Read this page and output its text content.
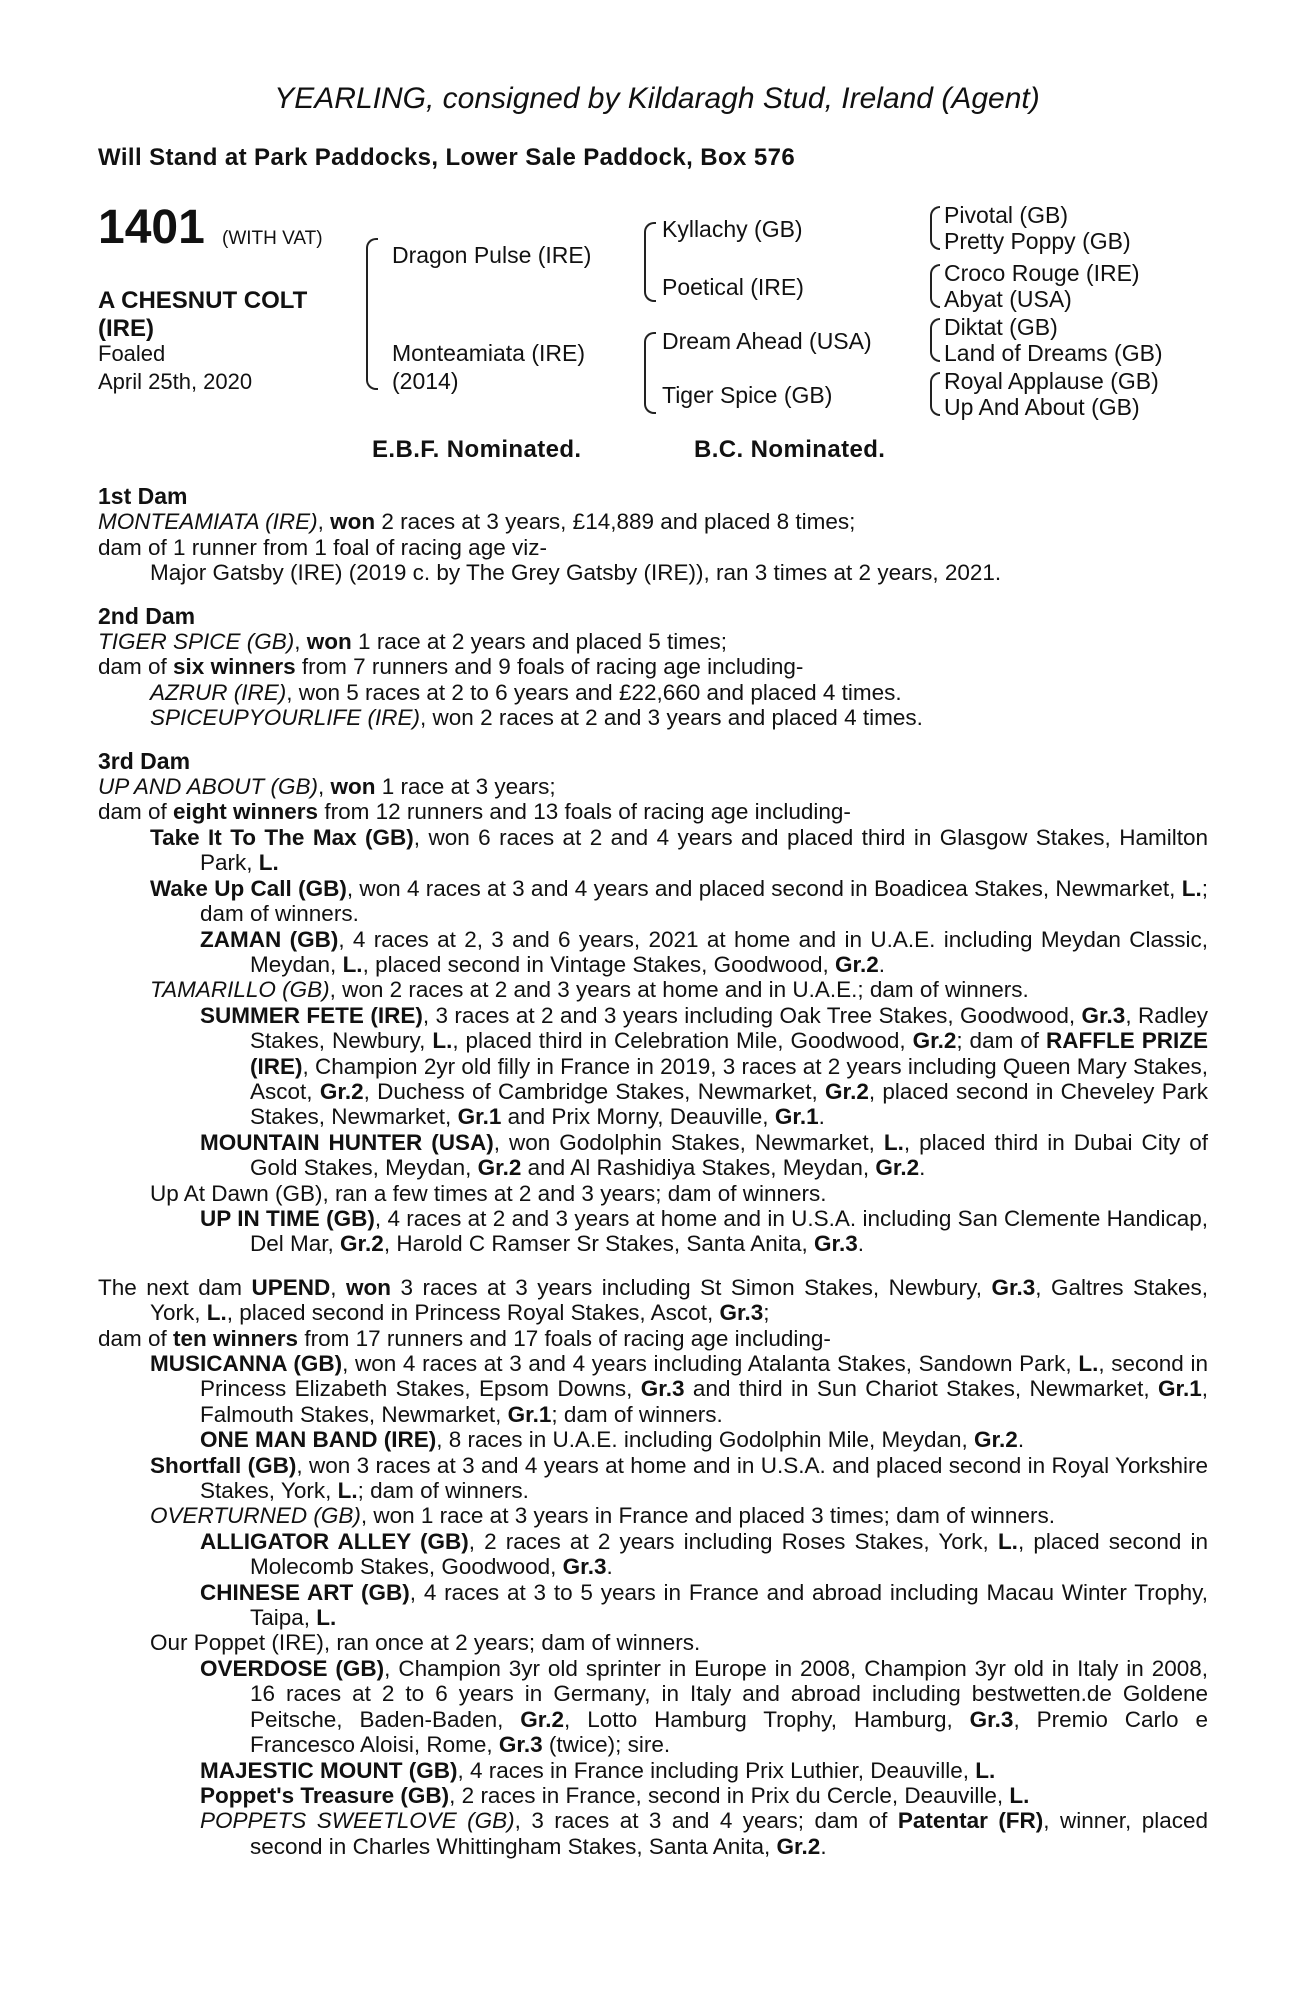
YEARLING, consigned by Kildaragh Stud, Ireland (Agent)
Will Stand at Park Paddocks, Lower Sale Paddock, Box 576
1401 (WITH VAT)
A CHESNUT COLT
(IRE)
Foaled
April 25th, 2020
Dragon Pulse (IRE)
Monteamiata (IRE)
(2014)
Kyllachy (GB)
Poetical (IRE)
Dream Ahead (USA)
Tiger Spice (GB)
Pivotal (GB)
Pretty Poppy (GB)
Croco Rouge (IRE)
Abyat (USA)
Diktat (GB)
Land of Dreams (GB)
Royal Applause (GB)
Up And About (GB)
E.B.F. Nominated.	B.C. Nominated.
1st Dam
MONTEAMIATA (IRE), won 2 races at 3 years, £14,889 and placed 8 times;
dam of 1 runner from 1 foal of racing age viz-
Major Gatsby (IRE) (2019 c. by The Grey Gatsby (IRE)), ran 3 times at 2 years, 2021.
2nd Dam
TIGER SPICE (GB), won 1 race at 2 years and placed 5 times;
dam of six winners from 7 runners and 9 foals of racing age including-
AZRUR (IRE), won 5 races at 2 to 6 years and £22,660 and placed 4 times.
SPICEUPYOURLIFE (IRE), won 2 races at 2 and 3 years and placed 4 times.
3rd Dam
UP AND ABOUT (GB), won 1 race at 3 years;
dam of eight winners from 12 runners and 13 foals of racing age including-
Take It To The Max (GB), won 6 races at 2 and 4 years and placed third in Glasgow Stakes, Hamilton Park, L.
Wake Up Call (GB), won 4 races at 3 and 4 years and placed second in Boadicea Stakes, Newmarket, L.; dam of winners.
ZAMAN (GB), 4 races at 2, 3 and 6 years, 2021 at home and in U.A.E. including Meydan Classic, Meydan, L., placed second in Vintage Stakes, Goodwood, Gr.2.
TAMARILLO (GB), won 2 races at 2 and 3 years at home and in U.A.E.; dam of winners.
SUMMER FETE (IRE), 3 races at 2 and 3 years including Oak Tree Stakes, Goodwood, Gr.3, Radley Stakes, Newbury, L., placed third in Celebration Mile, Goodwood, Gr.2; dam of RAFFLE PRIZE (IRE), Champion 2yr old filly in France in 2019, 3 races at 2 years including Queen Mary Stakes, Ascot, Gr.2, Duchess of Cambridge Stakes, Newmarket, Gr.2, placed second in Cheveley Park Stakes, Newmarket, Gr.1 and Prix Morny, Deauville, Gr.1.
MOUNTAIN HUNTER (USA), won Godolphin Stakes, Newmarket, L., placed third in Dubai City of Gold Stakes, Meydan, Gr.2 and Al Rashidiya Stakes, Meydan, Gr.2.
Up At Dawn (GB), ran a few times at 2 and 3 years; dam of winners.
UP IN TIME (GB), 4 races at 2 and 3 years at home and in U.S.A. including San Clemente Handicap, Del Mar, Gr.2, Harold C Ramser Sr Stakes, Santa Anita, Gr.3.
The next dam UPEND, won 3 races at 3 years including St Simon Stakes, Newbury, Gr.3, Galtres Stakes, York, L., placed second in Princess Royal Stakes, Ascot, Gr.3;
dam of ten winners from 17 runners and 17 foals of racing age including-
MUSICANNA (GB), won 4 races at 3 and 4 years including Atalanta Stakes, Sandown Park, L., second in Princess Elizabeth Stakes, Epsom Downs, Gr.3 and third in Sun Chariot Stakes, Newmarket, Gr.1, Falmouth Stakes, Newmarket, Gr.1; dam of winners.
ONE MAN BAND (IRE), 8 races in U.A.E. including Godolphin Mile, Meydan, Gr.2.
Shortfall (GB), won 3 races at 3 and 4 years at home and in U.S.A. and placed second in Royal Yorkshire Stakes, York, L.; dam of winners.
OVERTURNED (GB), won 1 race at 3 years in France and placed 3 times; dam of winners.
ALLIGATOR ALLEY (GB), 2 races at 2 years including Roses Stakes, York, L., placed second in Molecomb Stakes, Goodwood, Gr.3.
CHINESE ART (GB), 4 races at 3 to 5 years in France and abroad including Macau Winter Trophy, Taipa, L.
Our Poppet (IRE), ran once at 2 years; dam of winners.
OVERDOSE (GB), Champion 3yr old sprinter in Europe in 2008, Champion 3yr old in Italy in 2008, 16 races at 2 to 6 years in Germany, in Italy and abroad including bestwetten.de Goldene Peitsche, Baden-Baden, Gr.2, Lotto Hamburg Trophy, Hamburg, Gr.3, Premio Carlo e Francesco Aloisi, Rome, Gr.3 (twice); sire.
MAJESTIC MOUNT (GB), 4 races in France including Prix Luthier, Deauville, L.
Poppet's Treasure (GB), 2 races in France, second in Prix du Cercle, Deauville, L.
POPPETS SWEETLOVE (GB), 3 races at 3 and 4 years; dam of Patentar (FR), winner, placed second in Charles Whittingham Stakes, Santa Anita, Gr.2.
